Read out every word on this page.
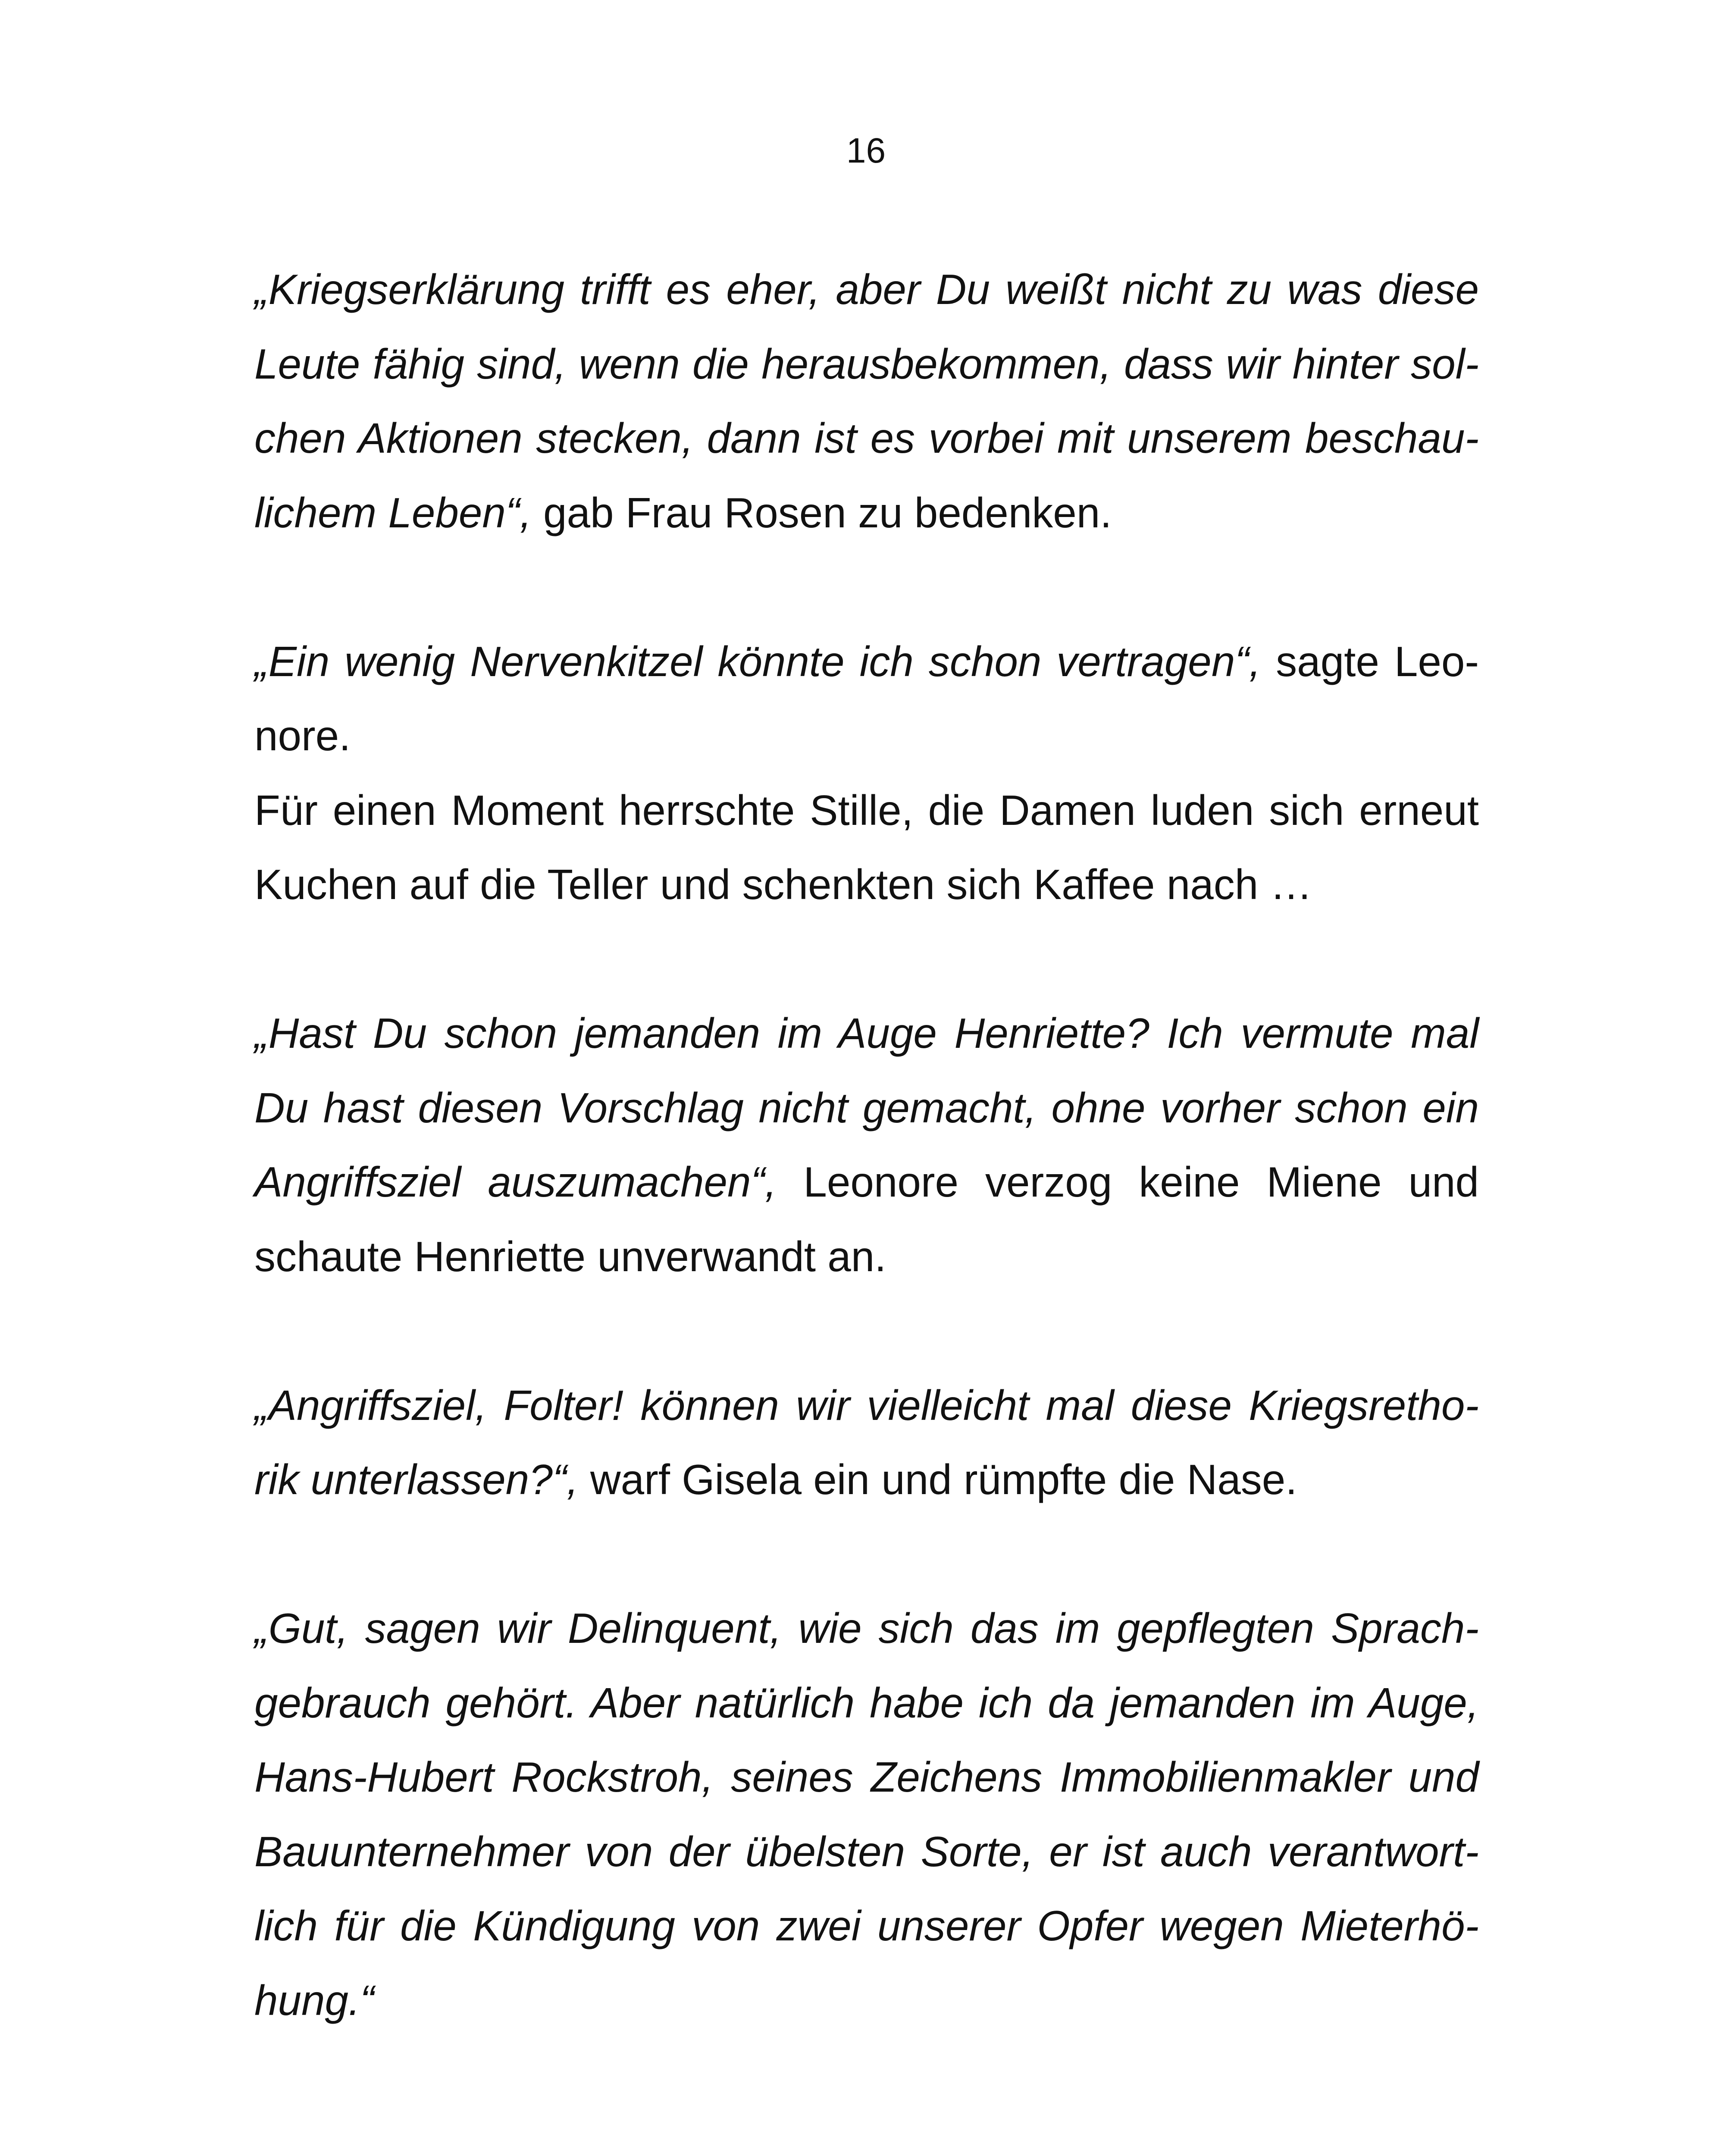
16
„Kriegserklärung trifft es eher, aber Du weißt nicht zu was diese
Leute fähig sind, wenn die herausbekommen, dass wir hinter sol-
chen Aktionen stecken, dann ist es vorbei mit unserem beschau-
lichem Leben“, gab Frau Rosen zu bedenken.
„Ein wenig Nervenkitzel könnte ich schon vertragen“, sagte Leo-
nore.
Für einen Moment herrschte Stille, die Damen luden sich erneut
Kuchen auf die Teller und schenkten sich Kaffee nach …
„Hast Du schon jemanden im Auge Henriette? Ich vermute mal
Du hast diesen Vorschlag nicht gemacht, ohne vorher schon ein
Angriffsziel auszumachen“, Leonore verzog keine Miene und
schaute Henriette unverwandt an.
„Angriffsziel, Folter! können wir vielleicht mal diese Kriegsretho-
rik unterlassen?“, warf Gisela ein und rümpfte die Nase.
„Gut, sagen wir Delinquent, wie sich das im gepflegten Sprach-
gebrauch gehört. Aber natürlich habe ich da jemanden im Auge,
Hans-Hubert Rockstroh, seines Zeichens Immobilienmakler und
Bauunternehmer von der übelsten Sorte, er ist auch verantwort-
lich für die Kündigung von zwei unserer Opfer wegen Mieterhö-
hung.“
